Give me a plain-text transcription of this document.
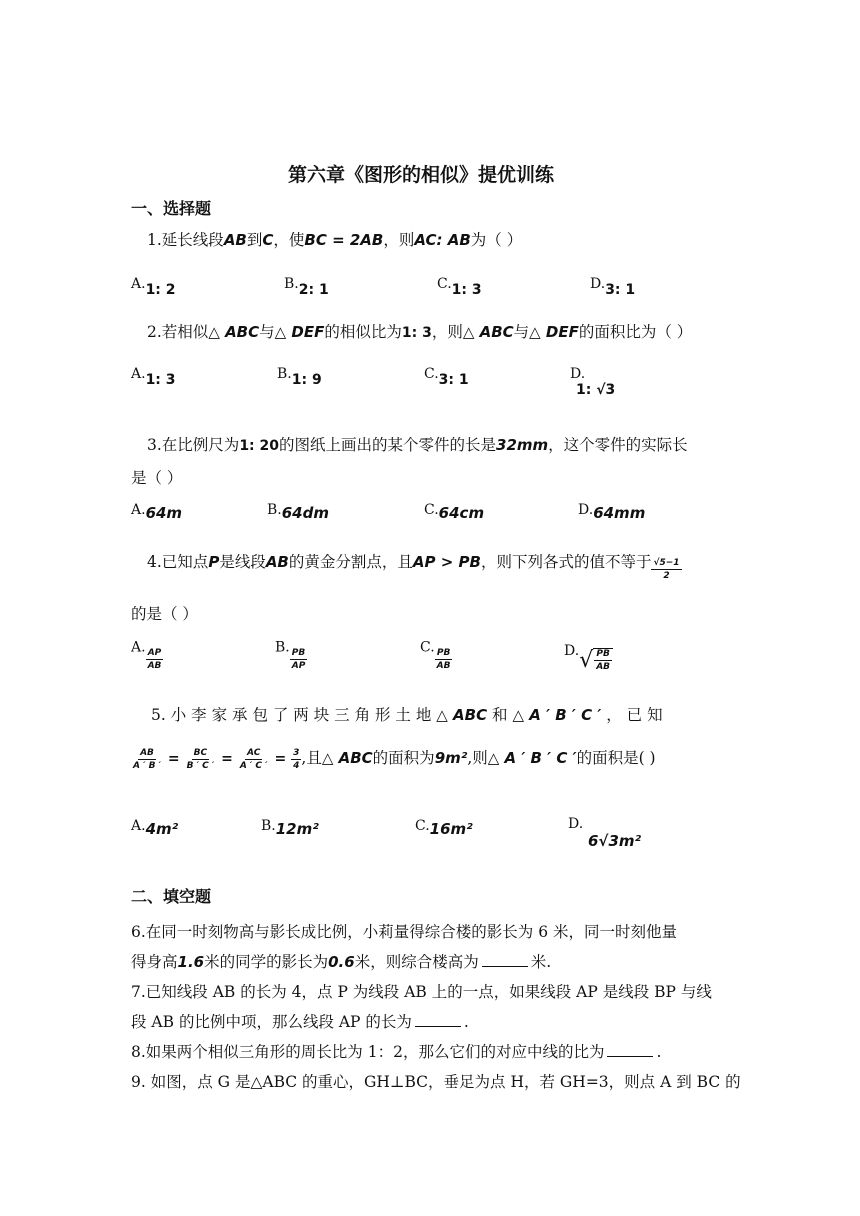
第六章《图形的相似》提优训练
一、选择题
1.延长线段AB到C，使BC = 2AB，则AC: AB为（ ）
A.1: 2	B.2: 1	C.1: 3	D.3: 1
2.若相似△ ABC与△ DEF的相似比为1: 3，则△ ABC与△ DEF的面积比为（ ）
A.1: 3	B.1: 9	C.3: 1	D.
1: √3
3.在比例尺为1: 20的图纸上画出的某个零件的长是32mm，这个零件的实际长
是（ ）
A.64m	B.64dm	C.64cm	D.64mm
4.已知点P是线段AB的黄金分割点，且AP > PB，则下列各式的值不等于 $\frac{√5-1}{2}$
的是（ ）
A.
$\frac{AP}{AB}$
B.
$\frac{PB}{AP}$
C.
$\frac{PB}{AB}$	D. √ $\frac{PB}{AB}$
5. 小 李 家 承 包 了 两 块 三 角 形 土 地 △ ABC 和 △ A ′ B ′ C ′ ， 已 知
$\frac{AB}{A ' B '} = \frac{BC}{B ' C '} = \frac{AC}{A ' C '} = \frac{3}{4}$ ,且△ ABC的面积为9m²,则△ A ′ B ′ C ′的面积是( )
A.4m²	B.12m²	C.16m²	D.
6√3m²
二、填空题
6.在同一时刻物高与影长成比例，小莉量得综合楼的影长为 6 米，同一时刻他量
得身高1.6米的同学的影长为0.6米，则综合楼高为	米.
7.已知线段 AB 的长为 4，点 P 为线段 AB 上的一点，如果线段 AP 是线段 BP 与线
段 AB 的比例中项，那么线段 AP 的长为	.
8.如果两个相似三角形的周长比为 1：2，那么它们的对应中线的比为	.
9. 如图，点 G 是△ABC 的重心，GH⊥BC，垂足为点 H，若 GH=3，则点 A 到 BC 的
